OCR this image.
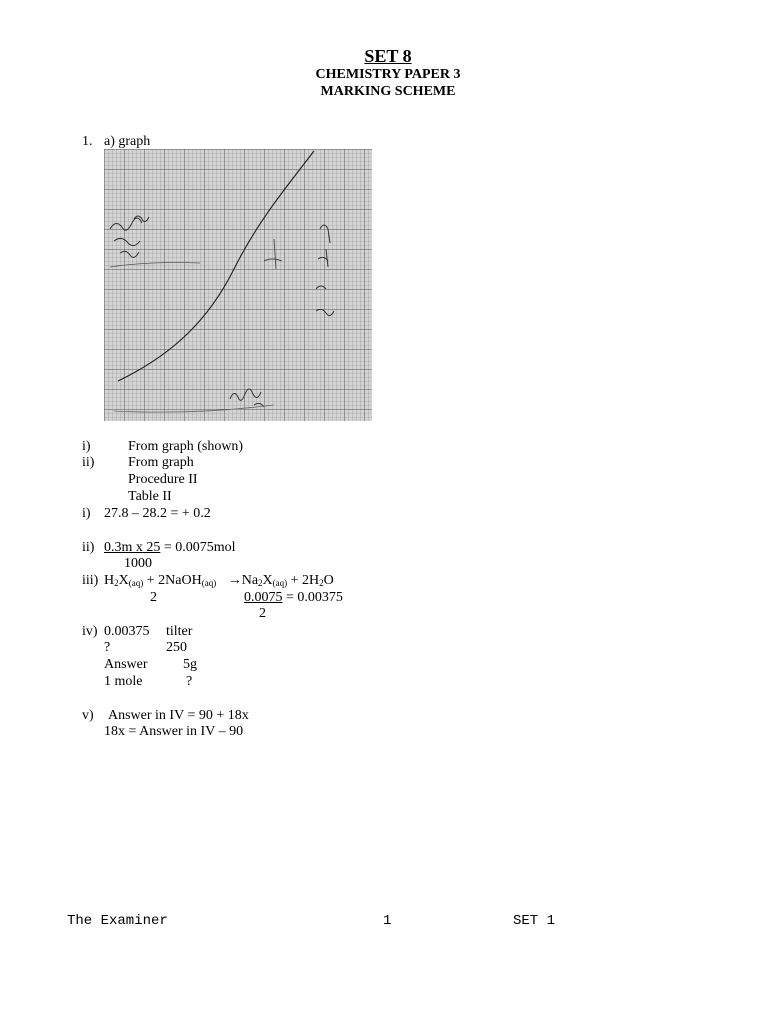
SET 8
CHEMISTRY PAPER 3
MARKING SCHEME
1. a) graph
i)	From graph (shown)
ii) From graph
Procedure II
Table II
i) 27.8 – 28.2 = + 0.2
ii) 0.3m x 25 = 0.0075mol
1000
iii) $H_2X_{(aq)}$ + 2NaOH$_{(aq)}$ $\to Na_2X_{(aq)} + 2H_2O$
2	0.0075 = 0.00375
2
iv) 0.00375 tilter
?	250
Answer	5g
1 mole	?
v) Answer in IV = 90 + 18x
18x = Answer in IV – 90
The Examiner	1	SET 1
